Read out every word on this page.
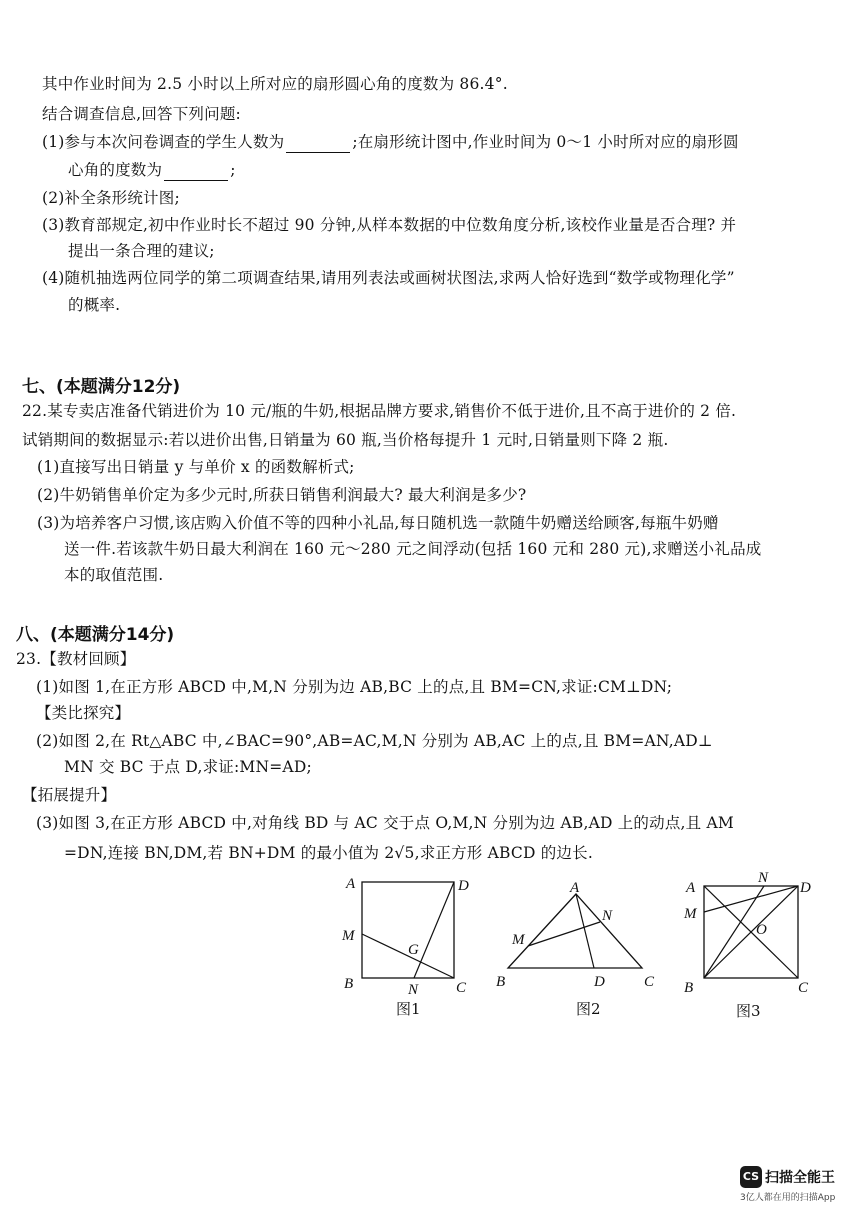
其中作业时间为 2.5 小时以上所对应的扇形圆心角的度数为 86.4°.
结合调查信息,回答下列问题:
(1)参与本次问卷调查的学生人数为	;在扇形统计图中,作业时间为 0～1 小时所对应的扇形圆
心角的度数为	;
(2)补全条形统计图;
(3)教育部规定,初中作业时长不超过 90 分钟,从样本数据的中位数角度分析,该校作业量是否合理? 并
提出一条合理的建议;
(4)随机抽选两位同学的第二项调查结果,请用列表法或画树状图法,求两人恰好选到“数学或物理化学”
的概率.
七、(本题满分12分)
22.某专卖店准备代销进价为 10 元/瓶的牛奶,根据品牌方要求,销售价不低于进价,且不高于进价的 2 倍.
试销期间的数据显示:若以进价出售,日销量为 60 瓶,当价格每提升 1 元时,日销量则下降 2 瓶.
(1)直接写出日销量 y 与单价 x 的函数解析式;
(2)牛奶销售单价定为多少元时,所获日销售利润最大? 最大利润是多少?
(3)为培养客户习惯,该店购入价值不等的四种小礼品,每日随机选一款随牛奶赠送给顾客,每瓶牛奶赠
送一件.若该款牛奶日最大利润在 160 元～280 元之间浮动(包括 160 元和 280 元),求赠送小礼品成
本的取值范围.
八、(本题满分14分)
23.【教材回顾】
(1)如图 1,在正方形 ABCD 中,M,N 分别为边 AB,BC 上的点,且 BM=CN,求证:CM⊥DN;
【类比探究】
(2)如图 2,在 Rt△ABC 中,∠BAC=90°,AB=AC,M,N 分别为 AB,AC 上的点,且 BM=AN,AD⊥
MN 交 BC 于点 D,求证:MN=AD;
【拓展提升】
(3)如图 3,在正方形 ABCD 中,对角线 BD 与 AC 交于点 O,M,N 分别为边 AB,AD 上的动点,且 AM
=DN,连接 BN,DM,若 BN+DM 的最小值为 2√5,求正方形 ABCD 的边长.
A	D
M
G
B	N	C
图1
A
N
M
B	D	C
图2
A
N
D
M
O
B	C
图3
CS 扫描全能王
3亿人都在用的扫描App
